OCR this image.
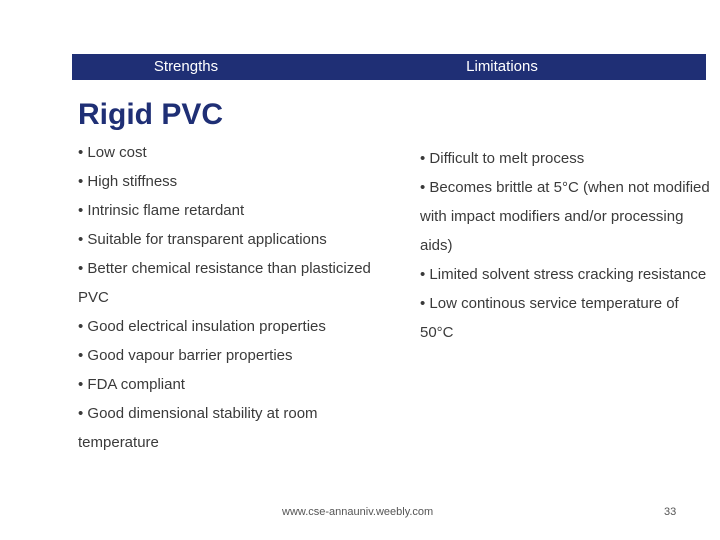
Strengths	Limitations
Rigid PVC
• Low cost
• High stiffness
• Intrinsic flame retardant
• Suitable for transparent applications
• Better chemical resistance than plasticized PVC
• Good electrical insulation properties
• Good vapour barrier properties
• FDA compliant
• Good dimensional stability at room temperature
• Difficult to melt process
• Becomes brittle at 5°C (when not modified with impact modifiers and/or processing aids)
• Limited solvent stress cracking resistance
• Low continous service temperature of 50°C
www.cse-annauniv.weebly.com	33
